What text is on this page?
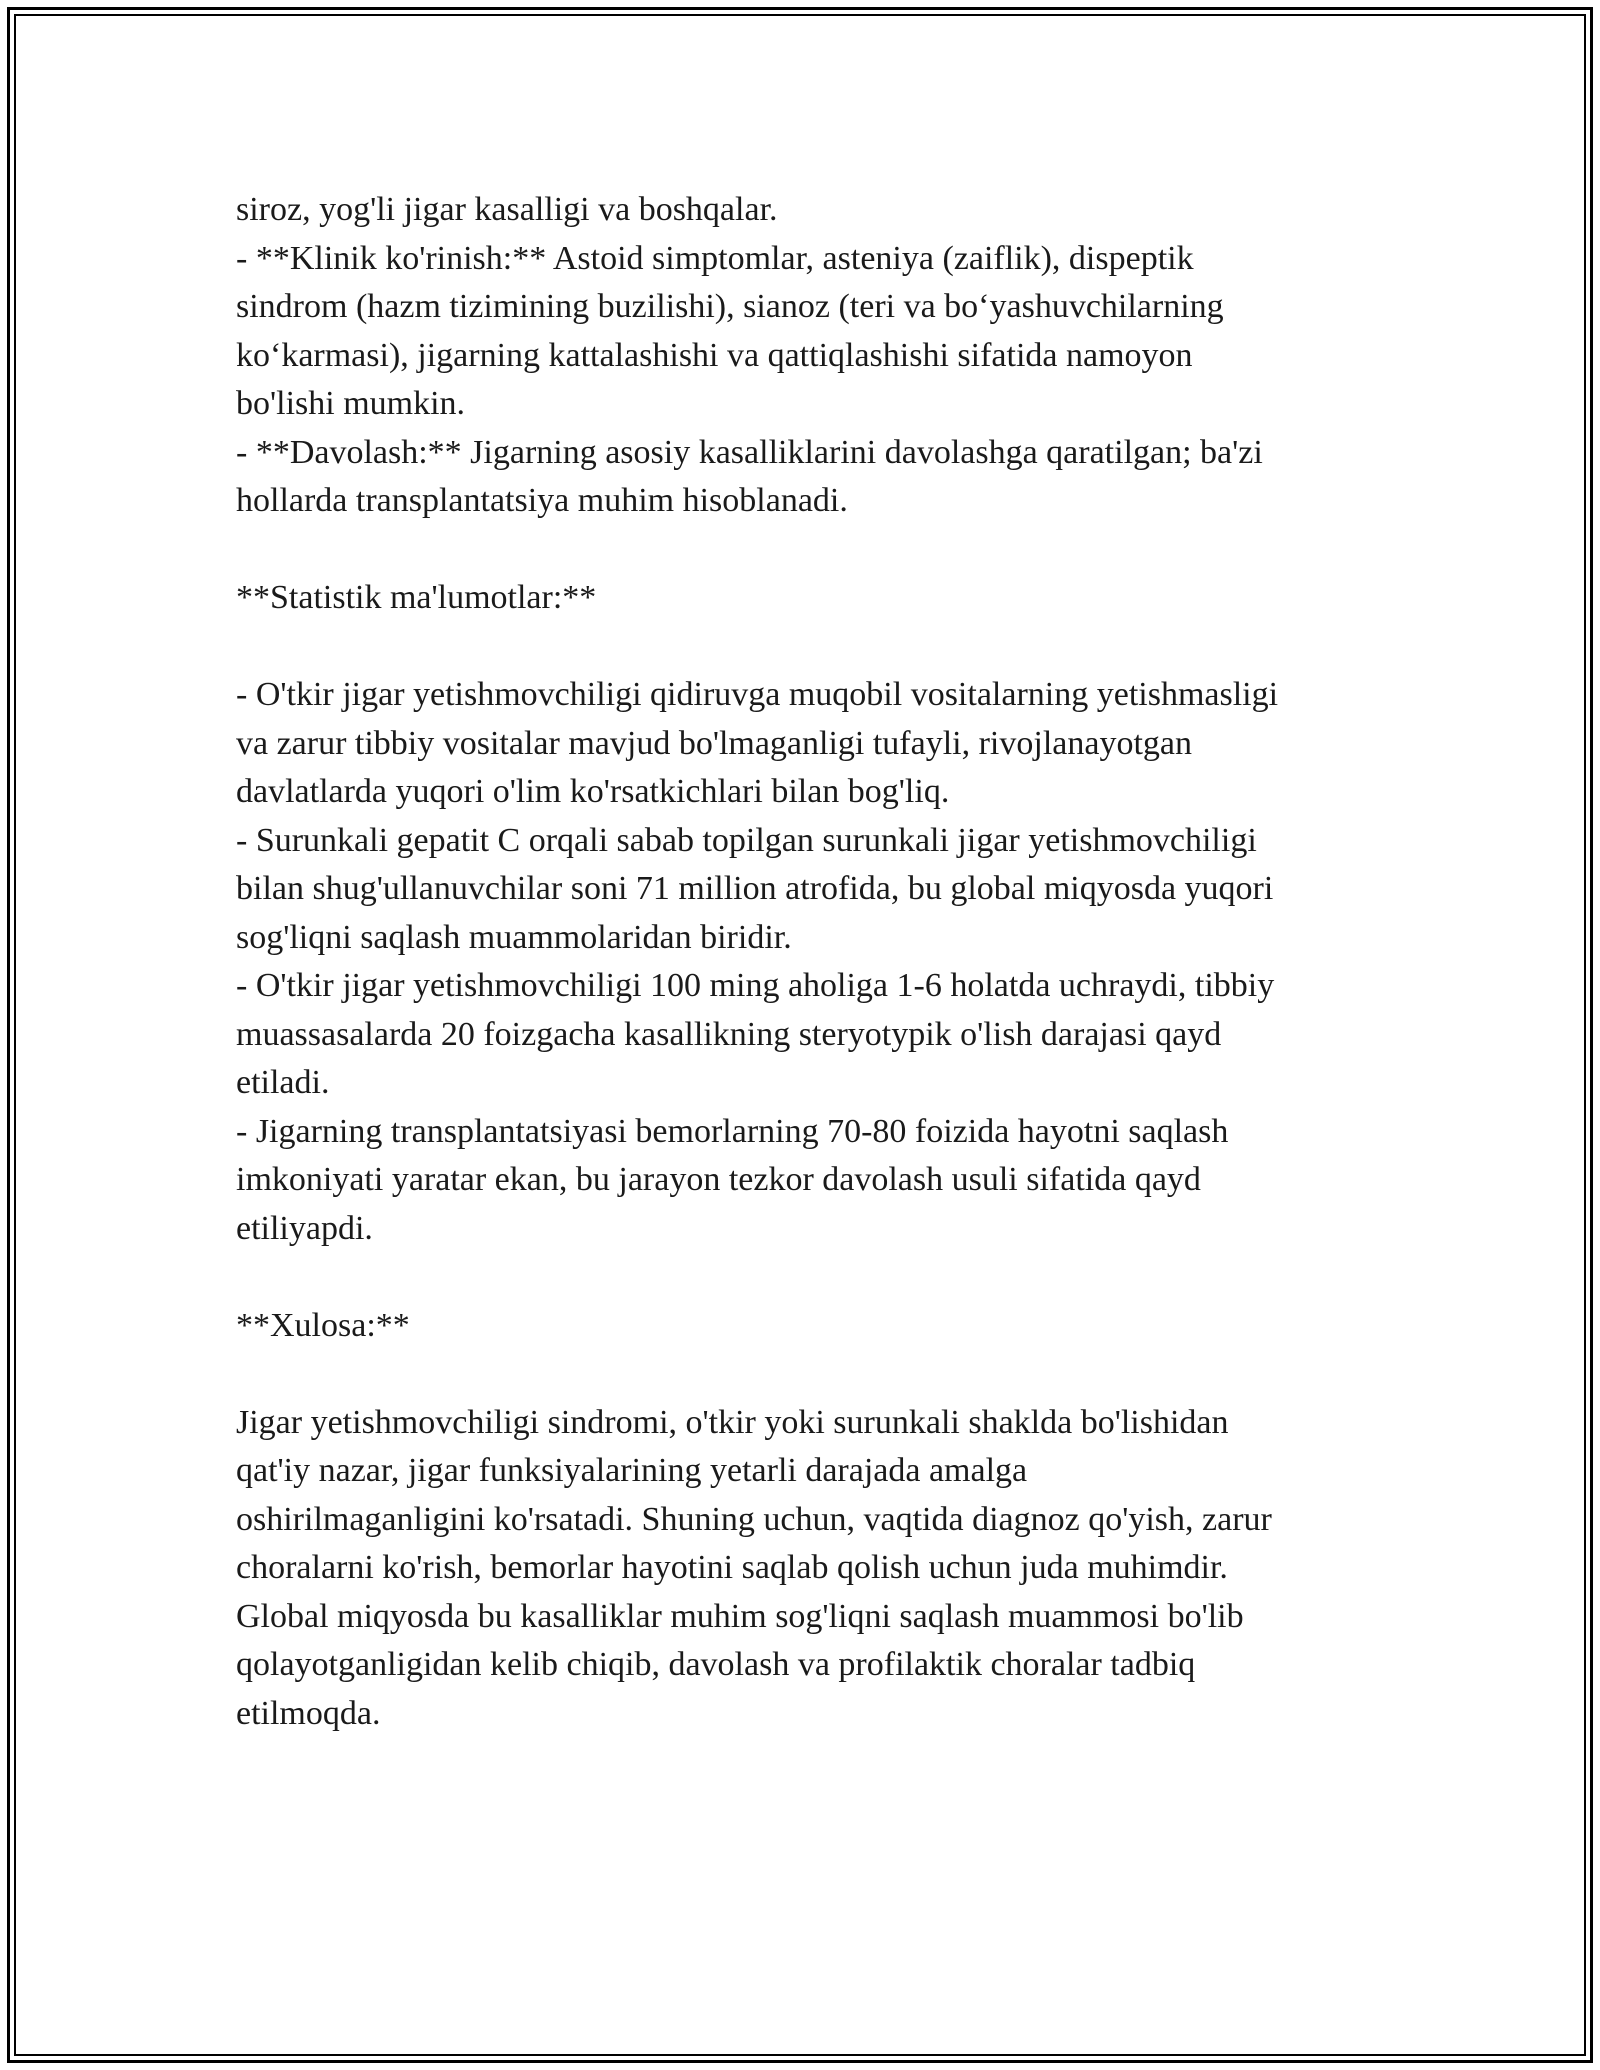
siroz, yog'li jigar kasalligi va boshqalar.
- **Klinik ko'rinish:** Astoid simptomlar, asteniya (zaiflik), dispeptik
sindrom (hazm tizimining buzilishi), sianoz (teri va bo‘yashuvchilarning
ko‘karmasi), jigarning kattalashishi va qattiqlashishi sifatida namoyon
bo'lishi mumkin.
- **Davolash:** Jigarning asosiy kasalliklarini davolashga qaratilgan; ba'zi
hollarda transplantatsiya muhim hisoblanadi.
**Statistik ma'lumotlar:**
- O'tkir jigar yetishmovchiligi qidiruvga muqobil vositalarning yetishmasligi
va zarur tibbiy vositalar mavjud bo'lmaganligi tufayli, rivojlanayotgan
davlatlarda yuqori o'lim ko'rsatkichlari bilan bog'liq.
- Surunkali gepatit C orqali sabab topilgan surunkali jigar yetishmovchiligi
bilan shug'ullanuvchilar soni 71 million atrofida, bu global miqyosda yuqori
sog'liqni saqlash muammolaridan biridir.
- O'tkir jigar yetishmovchiligi 100 ming aholiga 1-6 holatda uchraydi, tibbiy
muassasalarda 20 foizgacha kasallikning steryotypik o'lish darajasi qayd
etiladi.
- Jigarning transplantatsiyasi bemorlarning 70-80 foizida hayotni saqlash
imkoniyati yaratar ekan, bu jarayon tezkor davolash usuli sifatida qayd
etiliyapdi.
**Xulosa:**
Jigar yetishmovchiligi sindromi, o'tkir yoki surunkali shaklda bo'lishidan
qat'iy nazar, jigar funksiyalarining yetarli darajada amalga
oshirilmaganligini ko'rsatadi. Shuning uchun, vaqtida diagnoz qo'yish, zarur
choralarni ko'rish, bemorlar hayotini saqlab qolish uchun juda muhimdir.
Global miqyosda bu kasalliklar muhim sog'liqni saqlash muammosi bo'lib
qolayotganligidan kelib chiqib, davolash va profilaktik choralar tadbiq
etilmoqda.
